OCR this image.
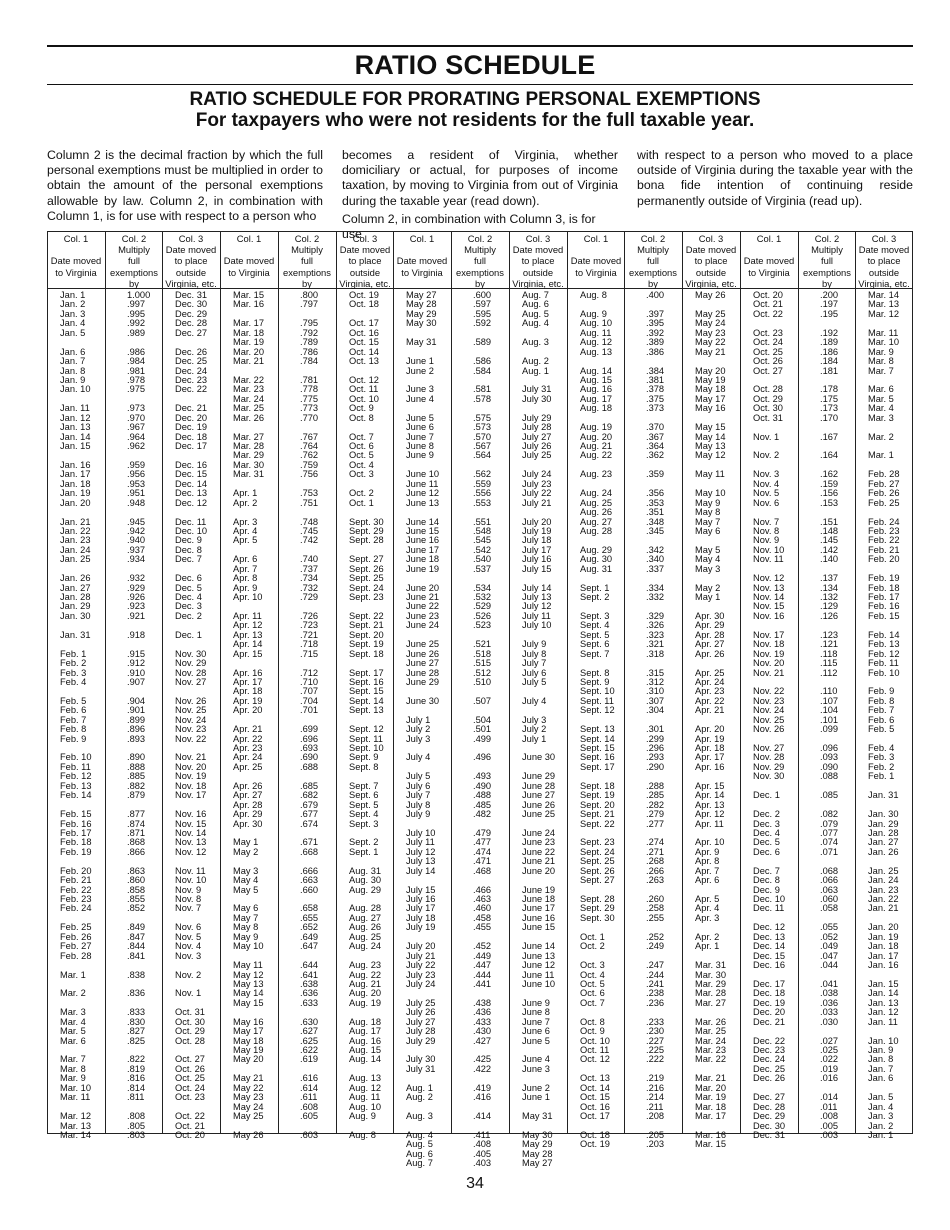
RATIO SCHEDULE
RATIO SCHEDULE FOR PRORATING PERSONAL EXEMPTIONS
For taxpayers who were not residents for the full taxable year.
Column 2 is the decimal fraction by which the full personal exemptions must be multiplied in order to obtain the amount of the personal exemptions allowable by law. Column 2, in combination with Column 1, is for use with respect to a person who
becomes a resident of Virginia, whether domiciliary or actual, for purposes of income taxation, by moving to Virginia from out of Virginia during the taxable year (read down).
Column 2, in combination with Column 3, is for use
with respect to a person who moved to a place outside of Virginia during the taxable year with the bona fide intention of continuing reside permanently outside of Virginia (read up).
Col. 1
Date moved
to Virginia
Jan. 1
Jan. 2
Jan. 3
Jan. 4
Jan. 5
Jan. 6
Jan. 7
Jan. 8
Jan. 9
Jan. 10
Jan. 11
Jan. 12
Jan. 13
Jan. 14
Jan. 15
Jan. 16
Jan. 17
Jan. 18
Jan. 19
Jan. 20
Jan. 21
Jan. 22
Jan. 23
Jan. 24
Jan. 25
Jan. 26
Jan. 27
Jan. 28
Jan. 29
Jan. 30
Jan. 31
Feb. 1
Feb. 2
Feb. 3
Feb. 4
Feb. 5
Feb. 6
Feb. 7
Feb. 8
Feb. 9
Feb. 10
Feb. 11
Feb. 12
Feb. 13
Feb. 14
Feb. 15
Feb. 16
Feb. 17
Feb. 18
Feb. 19
Feb. 20
Feb. 21
Feb. 22
Feb. 23
Feb. 24
Feb. 25
Feb. 26
Feb. 27
Feb. 28
Mar. 1
Mar. 2
Mar. 3
Mar. 4
Mar. 5
Mar. 6
Mar. 7
Mar. 8
Mar. 9
Mar. 10
Mar. 11
Mar. 12
Mar. 13
Mar. 14
Col. 2
Multiply
full
exemptions
by
1.000
.997
.995
.992
.989
.986
.984
.981
.978
.975
.973
.970
.967
.964
.962
.959
.956
.953
.951
.948
.945
.942
.940
.937
.934
.932
.929
.926
.923
.921
.918
.915
.912
.910
.907
.904
.901
.899
.896
.893
.890
.888
.885
.882
.879
.877
.874
.871
.868
.866
.863
.860
.858
.855
.852
.849
.847
.844
.841
.838
.836
.833
.830
.827
.825
.822
.819
.816
.814
.811
.808
.805
.803
Col. 3
Date moved
to place
outside
Virginia, etc.
Dec. 31
Dec. 30
Dec. 29
Dec. 28
Dec. 27
Dec. 26
Dec. 25
Dec. 24
Dec. 23
Dec. 22
Dec. 21
Dec. 20
Dec. 19
Dec. 18
Dec. 17
Dec. 16
Dec. 15
Dec. 14
Dec. 13
Dec. 12
Dec. 11
Dec. 10
Dec. 9
Dec. 8
Dec. 7
Dec. 6
Dec. 5
Dec. 4
Dec. 3
Dec. 2
Dec. 1
Nov. 30
Nov. 29
Nov. 28
Nov. 27
Nov. 26
Nov. 25
Nov. 24
Nov. 23
Nov. 22
Nov. 21
Nov. 20
Nov. 19
Nov. 18
Nov. 17
Nov. 16
Nov. 15
Nov. 14
Nov. 13
Nov. 12
Nov. 11
Nov. 10
Nov. 9
Nov. 8
Nov. 7
Nov. 6
Nov. 5
Nov. 4
Nov. 3
Nov. 2
Nov. 1
Oct. 31
Oct. 30
Oct. 29
Oct. 28
Oct. 27
Oct. 26
Oct. 25
Oct. 24
Oct. 23
Oct. 22
Oct. 21
Oct. 20
Col. 1
Date moved
to Virginia
Mar. 15
Mar. 16
Mar. 17
Mar. 18
Mar. 19
Mar. 20
Mar. 21
Mar. 22
Mar. 23
Mar. 24
Mar. 25
Mar. 26
Mar. 27
Mar. 28
Mar. 29
Mar. 30
Mar. 31
Apr. 1
Apr. 2
Apr. 3
Apr. 4
Apr. 5
Apr. 6
Apr. 7
Apr. 8
Apr. 9
Apr. 10
Apr. 11
Apr. 12
Apr. 13
Apr. 14
Apr. 15
Apr. 16
Apr. 17
Apr. 18
Apr. 19
Apr. 20
Apr. 21
Apr. 22
Apr. 23
Apr. 24
Apr. 25
Apr. 26
Apr. 27
Apr. 28
Apr. 29
Apr. 30
May 1
May 2
May 3
May 4
May 5
May 6
May 7
May 8
May 9
May 10
May 11
May 12
May 13
May 14
May 15
May 16
May 17
May 18
May 19
May 20
May 21
May 22
May 23
May 24
May 25
May 26
Col. 2
Multiply
full
exemptions
by
.800
.797
.795
.792
.789
.786
.784
.781
.778
.775
.773
.770
.767
.764
.762
.759
.756
.753
.751
.748
.745
.742
.740
.737
.734
.732
.729
.726
.723
.721
.718
.715
.712
.710
.707
.704
.701
.699
.696
.693
.690
.688
.685
.682
.679
.677
.674
.671
.668
.666
.663
.660
.658
.655
.652
.649
.647
.644
.641
.638
.636
.633
.630
.627
.625
.622
.619
.616
.614
.611
.608
.605
.603
Col. 3
Date moved
to place
outside
Virginia, etc.
Oct. 19
Oct. 18
Oct. 17
Oct. 16
Oct. 15
Oct. 14
Oct. 13
Oct. 12
Oct. 11
Oct. 10
Oct. 9
Oct. 8
Oct. 7
Oct. 6
Oct. 5
Oct. 4
Oct. 3
Oct. 2
Oct. 1
Sept. 30
Sept. 29
Sept. 28
Sept. 27
Sept. 26
Sept. 25
Sept. 24
Sept. 23
Sept. 22
Sept. 21
Sept. 20
Sept. 19
Sept. 18
Sept. 17
Sept. 16
Sept. 15
Sept. 14
Sept. 13
Sept. 12
Sept. 11
Sept. 10
Sept. 9
Sept. 8
Sept. 7
Sept. 6
Sept. 5
Sept. 4
Sept. 3
Sept. 2
Sept. 1
Aug. 31
Aug. 30
Aug. 29
Aug. 28
Aug. 27
Aug. 26
Aug. 25
Aug. 24
Aug. 23
Aug. 22
Aug. 21
Aug. 20
Aug. 19
Aug. 18
Aug. 17
Aug. 16
Aug. 15
Aug. 14
Aug. 13
Aug. 12
Aug. 11
Aug. 10
Aug. 9
Aug. 8
Col. 1
Date moved
to Virginia
May 27
May 28
May 29
May 30
May 31
June 1
June 2
June 3
June 4
June 5
June 6
June 7
June 8
June 9
June 10
June 11
June 12
June 13
June 14
June 15
June 16
June 17
June 18
June 19
June 20
June 21
June 22
June 23
June 24
June 25
June 26
June 27
June 28
June 29
June 30
July 1
July 2
July 3
July 4
July 5
July 6
July 7
July 8
July 9
July 10
July 11
July 12
July 13
July 14
July 15
July 16
July 17
July 18
July 19
July 20
July 21
July 22
July 23
July 24
July 25
July 26
July 27
July 28
July 29
July 30
July 31
Aug. 1
Aug. 2
Aug. 3
Aug. 4
Aug. 5
Aug. 6
Aug. 7
Col. 2
Multiply
full
exemptions
by
.600
.597
.595
.592
.589
.586
.584
.581
.578
.575
.573
.570
.567
.564
.562
.559
.556
.553
.551
.548
.545
.542
.540
.537
.534
.532
.529
.526
.523
.521
.518
.515
.512
.510
.507
.504
.501
.499
.496
.493
.490
.488
.485
.482
.479
.477
.474
.471
.468
.466
.463
.460
.458
.455
.452
.449
.447
.444
.441
.438
.436
.433
.430
.427
.425
.422
.419
.416
.414
.411
.408
.405
.403
Col. 3
Date moved
to place
outside
Virginia, etc.
Aug. 7
Aug. 6
Aug. 5
Aug. 4
Aug. 3
Aug. 2
Aug. 1
July 31
July 30
July 29
July 28
July 27
July 26
July 25
July 24
July 23
July 22
July 21
July 20
July 19
July 18
July 17
July 16
July 15
July 14
July 13
July 12
July 11
July 10
July 9
July 8
July 7
July 6
July 5
July 4
July 3
July 2
July 1
June 30
June 29
June 28
June 27
June 26
June 25
June 24
June 23
June 22
June 21
June 20
June 19
June 18
June 17
June 16
June 15
June 14
June 13
June 12
June 11
June 10
June 9
June 8
June 7
June 6
June 5
June 4
June 3
June 2
June 1
May 31
May 30
May 29
May 28
May 27
Col. 1
Date moved
to Virginia
Aug. 8
Aug. 9
Aug. 10
Aug. 11
Aug. 12
Aug. 13
Aug. 14
Aug. 15
Aug. 16
Aug. 17
Aug. 18
Aug. 19
Aug. 20
Aug. 21
Aug. 22
Aug. 23
Aug. 24
Aug. 25
Aug. 26
Aug. 27
Aug. 28
Aug. 29
Aug. 30
Aug. 31
Sept. 1
Sept. 2
Sept. 3
Sept. 4
Sept. 5
Sept. 6
Sept. 7
Sept. 8
Sept. 9
Sept. 10
Sept. 11
Sept. 12
Sept. 13
Sept. 14
Sept. 15
Sept. 16
Sept. 17
Sept. 18
Sept. 19
Sept. 20
Sept. 21
Sept. 22
Sept. 23
Sept. 24
Sept. 25
Sept. 26
Sept. 27
Sept. 28
Sept. 29
Sept. 30
Oct. 1
Oct. 2
Oct. 3
Oct. 4
Oct. 5
Oct. 6
Oct. 7
Oct. 8
Oct. 9
Oct. 10
Oct. 11
Oct. 12
Oct. 13
Oct. 14
Oct. 15
Oct. 16
Oct. 17
Oct. 18
Oct. 19
Col. 2
Multiply
full
exemptions
by
.400
.397
.395
.392
.389
.386
.384
.381
.378
.375
.373
.370
.367
.364
.362
.359
.356
.353
.351
.348
.345
.342
.340
.337
.334
.332
.329
.326
.323
.321
.318
.315
.312
.310
.307
.304
.301
.299
.296
.293
.290
.288
.285
.282
.279
.277
.274
.271
.268
.266
.263
.260
.258
.255
.252
.249
.247
.244
.241
.238
.236
.233
.230
.227
.225
.222
.219
.216
.214
.211
.208
.205
.203
Col. 3
Date moved
to place
outside
Virginia, etc.
May 26
May 25
May 24
May 23
May 22
May 21
May 20
May 19
May 18
May 17
May 16
May 15
May 14
May 13
May 12
May 11
May 10
May 9
May 8
May 7
May 6
May 5
May 4
May 3
May 2
May 1
Apr. 30
Apr. 29
Apr. 28
Apr. 27
Apr. 26
Apr. 25
Apr. 24
Apr. 23
Apr. 22
Apr. 21
Apr. 20
Apr. 19
Apr. 18
Apr. 17
Apr. 16
Apr. 15
Apr. 14
Apr. 13
Apr. 12
Apr. 11
Apr. 10
Apr. 9
Apr. 8
Apr. 7
Apr. 6
Apr. 5
Apr. 4
Apr. 3
Apr. 2
Apr. 1
Mar. 31
Mar. 30
Mar. 29
Mar. 28
Mar. 27
Mar. 26
Mar. 25
Mar. 24
Mar. 23
Mar. 22
Mar. 21
Mar. 20
Mar. 19
Mar. 18
Mar. 17
Mar. 16
Mar. 15
Col. 1
Date moved
to Virginia
Oct. 20
Oct. 21
Oct. 22
Oct. 23
Oct. 24
Oct. 25
Oct. 26
Oct. 27
Oct. 28
Oct. 29
Oct. 30
Oct. 31
Nov. 1
Nov. 2
Nov. 3
Nov. 4
Nov. 5
Nov. 6
Nov. 7
Nov. 8
Nov. 9
Nov. 10
Nov. 11
Nov. 12
Nov. 13
Nov. 14
Nov. 15
Nov. 16
Nov. 17
Nov. 18
Nov. 19
Nov. 20
Nov. 21
Nov. 22
Nov. 23
Nov. 24
Nov. 25
Nov. 26
Nov. 27
Nov. 28
Nov. 29
Nov. 30
Dec. 1
Dec. 2
Dec. 3
Dec. 4
Dec. 5
Dec. 6
Dec. 7
Dec. 8
Dec. 9
Dec. 10
Dec. 11
Dec. 12
Dec. 13
Dec. 14
Dec. 15
Dec. 16
Dec. 17
Dec. 18
Dec. 19
Dec. 20
Dec. 21
Dec. 22
Dec. 23
Dec. 24
Dec. 25
Dec. 26
Dec. 27
Dec. 28
Dec. 29
Dec. 30
Dec. 31
Col. 2
Multiply
full
exemptions
by
.200
.197
.195
.192
.189
.186
.184
.181
.178
.175
.173
.170
.167
.164
.162
.159
.156
.153
.151
.148
.145
.142
.140
.137
.134
.132
.129
.126
.123
.121
.118
.115
.112
.110
.107
.104
.101
.099
.096
.093
.090
.088
.085
.082
.079
.077
.074
.071
.068
.066
.063
.060
.058
.055
.052
.049
.047
.044
.041
.038
.036
.033
.030
.027
.025
.022
.019
.016
.014
.011
.008
.005
.003
Col. 3
Date moved
to place
outside
Virginia, etc.
Mar. 14
Mar. 13
Mar. 12
Mar. 11
Mar. 10
Mar. 9
Mar. 8
Mar. 7
Mar. 6
Mar. 5
Mar. 4
Mar. 3
Mar. 2
Mar. 1
Feb. 28
Feb. 27
Feb. 26
Feb. 25
Feb. 24
Feb. 23
Feb. 22
Feb. 21
Feb. 20
Feb. 19
Feb. 18
Feb. 17
Feb. 16
Feb. 15
Feb. 14
Feb. 13
Feb. 12
Feb. 11
Feb. 10
Feb. 9
Feb. 8
Feb. 7
Feb. 6
Feb. 5
Feb. 4
Feb. 3
Feb. 2
Feb. 1
Jan. 31
Jan. 30
Jan. 29
Jan. 28
Jan. 27
Jan. 26
Jan. 25
Jan. 24
Jan. 23
Jan. 22
Jan. 21
Jan. 20
Jan. 19
Jan. 18
Jan. 17
Jan. 16
Jan. 15
Jan. 14
Jan. 13
Jan. 12
Jan. 11
Jan. 10
Jan. 9
Jan. 8
Jan. 7
Jan. 6
Jan. 5
Jan. 4
Jan. 3
Jan. 2
Jan. 1
34
